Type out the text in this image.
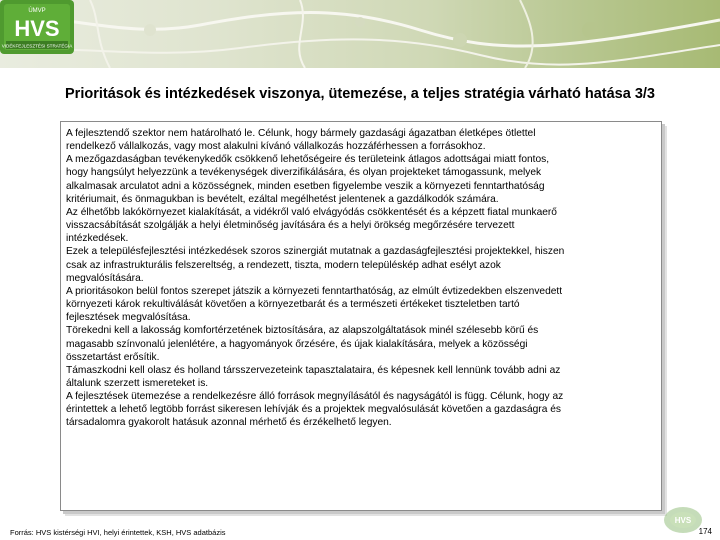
ÚMVP
HVS
VIDÉKFEJLESZTÉSI STRATÉGIA
Prioritások és intézkedések viszonya, ütemezése, a teljes stratégia várható hatása 3/3

A fejlesztendő szektor nem határolható le. Célunk, hogy bármely gazdasági ágazatban életképes ötlettel

rendelkező vállalkozás, vagy most alakulni kívánó vállalkozás hozzáférhessen a forrásokhoz.

A mezőgazdaságban tevékenykedők csökkenő lehetőségeire és területeink átlagos adottságai miatt fontos,

hogy hangsúlyt helyezzünk a tevékenységek diverzifikálására, és olyan projekteket támogassunk, melyek

alkalmasak arculatot adni a közösségnek, minden esetben figyelembe veszik a környezeti fenntarthatóság

kritériumait, és önmagukban is bevételt, ezáltal megélhetést jelentenek a gazdálkodók számára.

Az élhetőbb lakókörnyezet kialakítását, a vidékről való elvágyódás csökkentését és a képzett fiatal munkaerő

visszacsábítását szolgálják a helyi életminőség javítására és a helyi örökség megőrzésére tervezett

intézkedések.

Ezek a településfejlesztési intézkedések szoros szinergiát mutatnak a gazdaságfejlesztési projektekkel, hiszen

csak az infrastrukturális felszereltség, a rendezett, tiszta, modern településkép adhat esélyt azok

megvalósítására.

A prioritásokon belül fontos szerepet játszik a környezeti fenntarthatóság, az elmúlt évtizedekben elszenvedett

környezeti károk rekultiválását követően a környezetbarát és a természeti értékeket tiszteletben tartó

fejlesztések megvalósítása.

Törekedni kell a lakosság komfortérzetének biztosítására, az alapszolgáltatások minél szélesebb körű és

magasabb színvonalú jelenlétére, a hagyományok őrzésére, és újak kialakítására, melyek a közösségi

összetartást erősítik.

Támaszkodni kell olasz és holland társszervezeteink tapasztalataira, és képesnek kell lennünk tovább adni az

általunk szerzett ismereteket is.

A fejlesztések ütemezése a rendelkezésre álló források megnyílásától és nagyságától is függ. Célunk, hogy az

érintettek a lehető legtöbb forrást sikeresen lehívják és a projektek megvalósulását követően a gazdaságra és

társadalomra gyakorolt hatásuk azonnal mérhető és érzékelhető legyen.

Forrás: HVS kistérségi HVI, helyi érintettek, KSH, HVS adatbázis
HVS
174
